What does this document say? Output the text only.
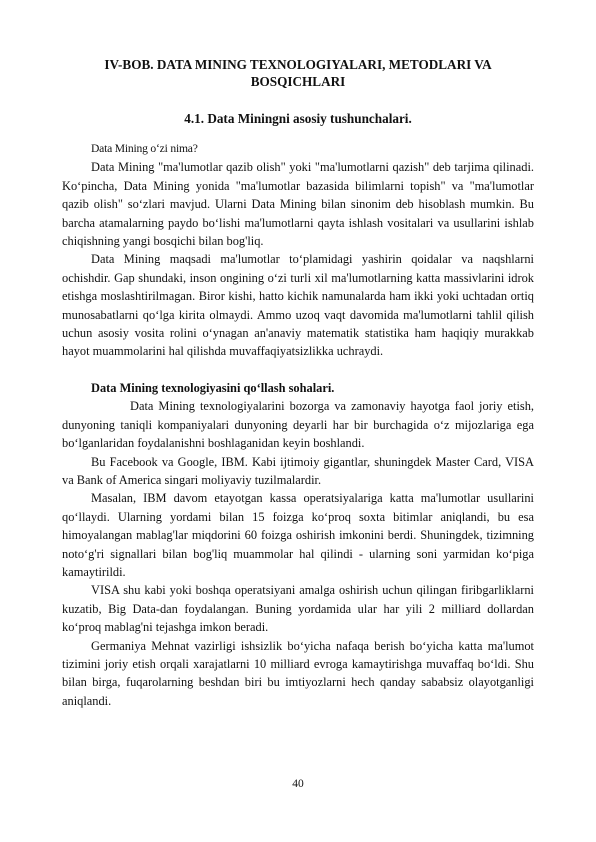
IV-BOB. DATA MINING TEXNOLOGIYALARI, METODLARI VA BOSQICHLARI
4.1. Data Miningni asosiy tushunchalari.

Data Mining o‘zi nima?

Data Mining "ma'lumotlar qazib olish" yoki "ma'lumotlarni qazish" deb tarjima qilinadi. Ko‘pincha, Data Mining yonida "ma'lumotlar bazasida bilimlarni topish" va "ma'lumotlar qazib olish" so‘zlari mavjud. Ularni Data Mining bilan sinonim deb hisoblash mumkin. Bu barcha atamalarning paydo bo‘lishi ma'lumotlarni qayta ishlash vositalari va usullarini ishlab chiqishning yangi bosqichi bilan bog'liq.

Data Mining maqsadi ma'lumotlar to‘plamidagi yashirin qoidalar va naqshlarni ochishdir. Gap shundaki, inson ongining o‘zi turli xil ma'lumotlarning katta massivlarini idrok etishga moslashtirilmagan. Biror kishi, hatto kichik namunalarda ham ikki yoki uchtadan ortiq munosabatlarni qo‘lga kirita olmaydi. Ammo uzoq vaqt davomida ma'lumotlarni tahlil qilish uchun asosiy vosita rolini o‘ynagan an'anaviy matematik statistika ham haqiqiy murakkab hayot muammolarini hal qilishda muvaffaqiyatsizlikka uchraydi.

Data Mining texnologiyasini qo‘llash sohalari.

Data Mining texnologiyalarini bozorga va zamonaviy hayotga faol joriy etish, dunyoning taniqli kompaniyalari dunyoning deyarli har bir burchagida o‘z mijozlariga ega bo‘lganlaridan foydalanishni boshlaganidan keyin boshlandi.

Bu Facebook va Google, IBM. Kabi ijtimoiy gigantlar, shuningdek Master Card, VISA va Bank of America singari moliyaviy tuzilmalardir.

Masalan, IBM davom etayotgan kassa operatsiyalariga katta ma'lumotlar usullarini qo‘llaydi. Ularning yordami bilan 15 foizga ko‘proq soxta bitimlar aniqlandi, bu esa himoyalangan mablag'lar miqdorini 60 foizga oshirish imkonini berdi. Shuningdek, tizimning noto‘g'ri signallari bilan bog'liq muammolar hal qilindi - ularning soni yarmidan ko‘piga kamaytirildi.

VISA shu kabi yoki boshqa operatsiyani amalga oshirish uchun qilingan firibgarliklarni kuzatib, Big Data-dan foydalangan. Buning yordamida ular har yili 2 milliard dollardan ko‘proq mablag'ni tejashga imkon beradi.

Germaniya Mehnat vazirligi ishsizlik bo‘yicha nafaqa berish bo‘yicha katta ma'lumot tizimini joriy etish orqali xarajatlarni 10 milliard evroga kamaytirishga muvaffaq bo‘ldi. Shu bilan birga, fuqarolarning beshdan biri bu imtiyozlarni hech qanday sababsiz olayotganligi aniqlandi.

40
